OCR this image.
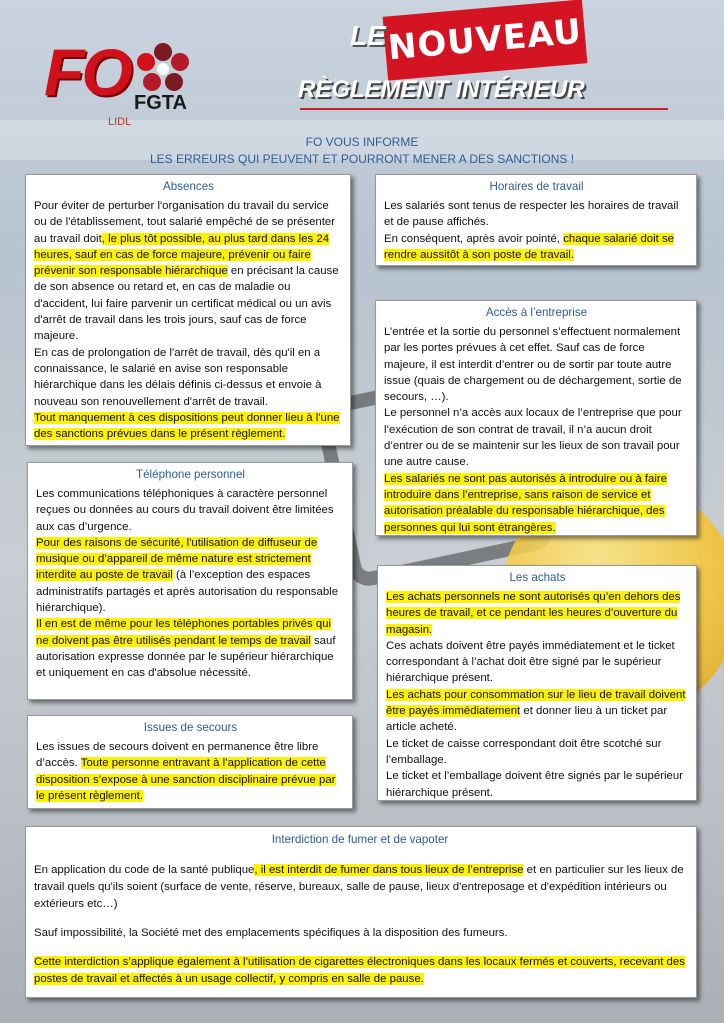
FO FGTA
LIDL
NOUVEAU
LE
RÈGLEMENT INTÉRIEUR
FO VOUS INFORME
LES ERREURS QUI PEUVENT ET POURRONT MENER A DES SANCTIONS !
Absences

Pour éviter de perturber l'organisation du travail du service ou de l'établissement, tout salarié empêché de se présenter au travail doit, le plus tôt possible, au plus tard dans les 24 heures, sauf en cas de force majeure, prévenir ou faire prévenir son responsable hiérarchique en précisant la cause de son absence ou retard et, en cas de maladie ou d'accident, lui faire parvenir un certificat médical ou un avis d'arrêt de travail dans les trois jours, sauf cas de force majeure.

En cas de prolongation de l'arrêt de travail, dès qu'il en a connaissance, le salarié en avise son responsable hiérarchique dans les délais définis ci-dessus et envoie à nouveau son renouvellement d'arrêt de travail.

Tout manquement à ces dispositions peut donner lieu à l'une des sanctions prévues dans le présent règlement.

Horaires de travail

Les salariés sont tenus de respecter les horaires de travail et de pause affichés.

En conséquent, après avoir pointé, chaque salarié doit se rendre aussitôt à son poste de travail.

Accès à l’entreprise

L’entrée et la sortie du personnel s’effectuent normalement par les portes prévues à cet effet. Sauf cas de force majeure, il est interdit d’entrer ou de sortir par toute autre issue (quais de chargement ou de déchargement, sortie de secours, …).

Le personnel n’a accès aux locaux de l’entreprise que pour l’exécution de son contrat de travail, il n’a aucun droit d’entrer ou de se maintenir sur les lieux de son travail pour une autre cause.

Les salariés ne sont pas autorisés à introduire ou à faire introduire dans l’entreprise, sans raison de service et autorisation préalable du responsable hiérarchique, des personnes qui lui sont étrangères.

Téléphone personnel

Les communications téléphoniques à caractère personnel reçues ou données au cours du travail doivent être limitées aux cas d’urgence.

Pour des raisons de sécurité, l'utilisation de diffuseur de musique ou d’appareil de même nature est strictement interdite au poste de travail (à l’exception des espaces administratifs partagés et après autorisation du responsable hiérarchique).

Il en est de même pour les téléphones portables privés qui ne doivent pas être utilisés pendant le temps de travail sauf autorisation expresse donnée par le supérieur hiérarchique et uniquement en cas d'absolue nécessité.

Les achats

Les achats personnels ne sont autorisés qu’en dehors des heures de travail, et ce pendant les heures d’ouverture du magasin.

Ces achats doivent être payés immédiatement et le ticket correspondant à l’achat doit être signé par le supérieur hiérarchique présent.

Les achats pour consommation sur le lieu de travail doivent être payés immédiatement et donner lieu à un ticket par article acheté.

Le ticket de caisse correspondant doit être scotché sur l’emballage.

Le ticket et l’emballage doivent être signés par le supérieur hiérarchique présent.

Issues de secours

Les issues de secours doivent en permanence être libre d’accès. Toute personne entravant à l’application de cette disposition s’expose à une sanction disciplinaire prévue par le présent règlement.

Interdiction de fumer et de vapoter

En application du code de la santé publique, il est interdit de fumer dans tous lieux de l’entreprise et en particulier sur les lieux de travail quels qu'ils soient (surface de vente, réserve, bureaux, salle de pause, lieux d'entreposage et d'expédition intérieurs ou extérieurs etc…)

Sauf impossibilité, la Société met des emplacements spécifiques à la disposition des fumeurs.

Cette interdiction s’applique également à l’utilisation de cigarettes électroniques dans les locaux fermés et couverts, recevant des postes de travail et affectés à un usage collectif, y compris en salle de pause.
